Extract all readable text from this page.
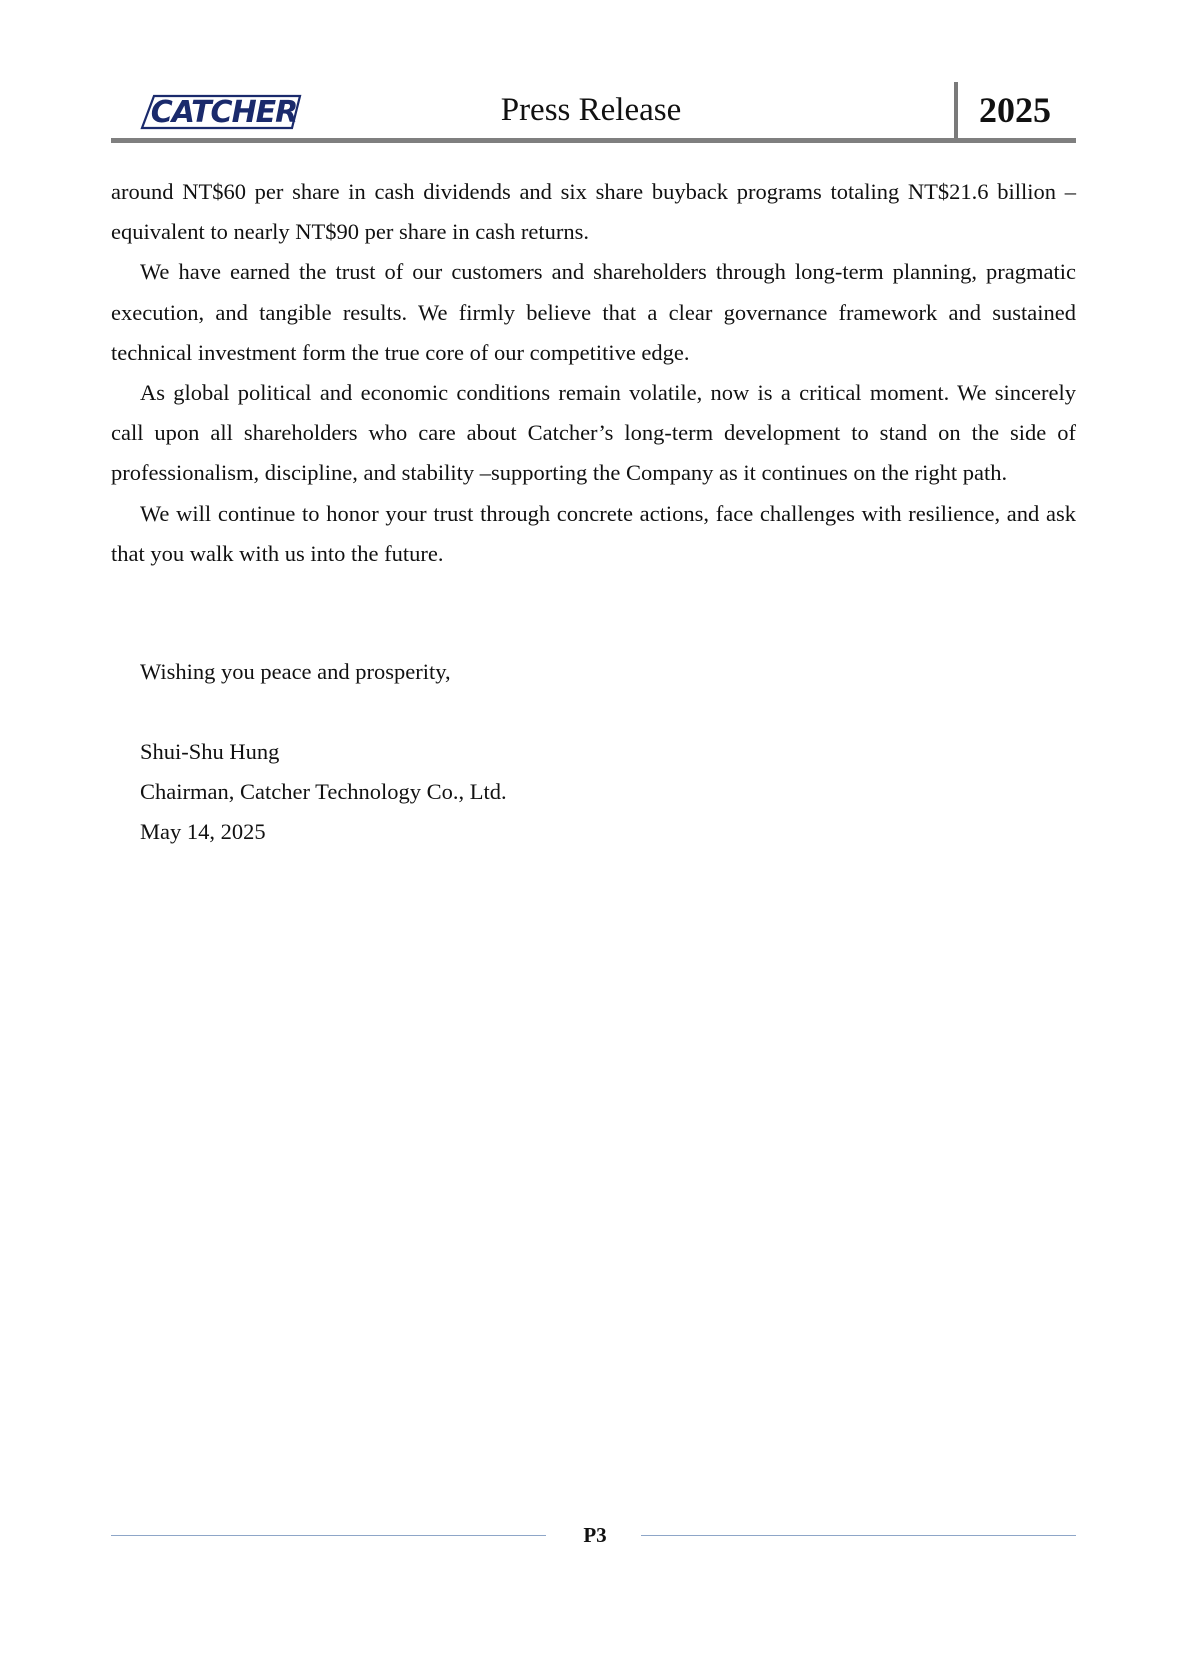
CATCHER	Press Release	2025

around NT$60 per share in cash dividends and six share buyback programs totaling NT$21.6 billion – equivalent to nearly NT$90 per share in cash returns.

We have earned the trust of our customers and shareholders through long-term planning, pragmatic execution, and tangible results. We firmly believe that a clear governance framework and sustained technical investment form the true core of our competitive edge.

As global political and economic conditions remain volatile, now is a critical moment. We sincerely call upon all shareholders who care about Catcher’s long-term development to stand on the side of professionalism, discipline, and stability –supporting the Company as it continues on the right path.

We will continue to honor your trust through concrete actions, face challenges with resilience, and ask that you walk with us into the future.

Wishing you peace and prosperity,
Shui-Shu Hung
Chairman, Catcher Technology Co., Ltd.
May 14, 2025
P3
